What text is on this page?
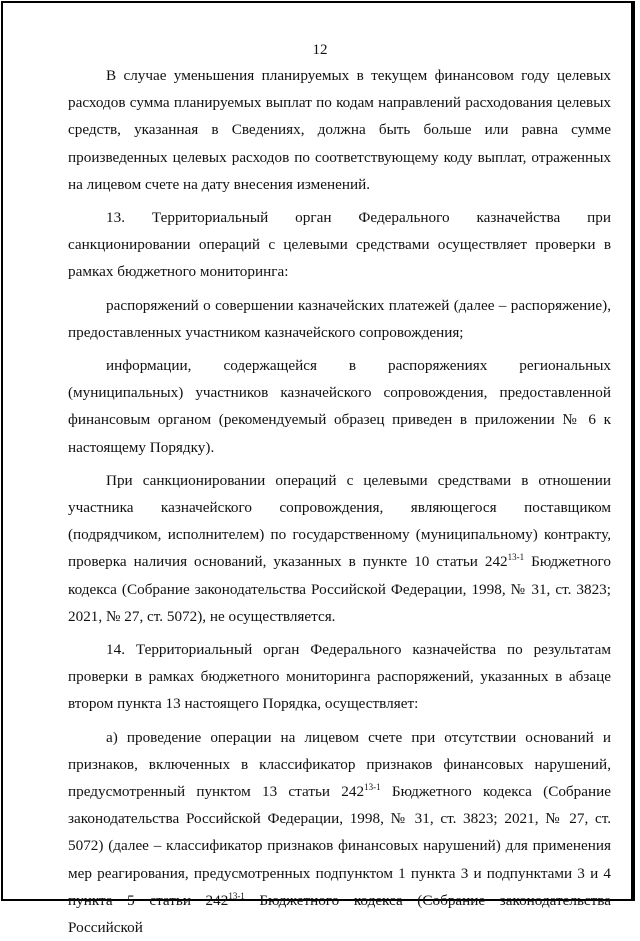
12

В случае уменьшения планируемых в текущем финансовом году целевых расходов сумма планируемых выплат по кодам направлений расходования целевых средств, указанная в Сведениях, должна быть больше или равна сумме произведенных целевых расходов по соответствующему коду выплат, отраженных на лицевом счете на дату внесения изменений.

13. Территориальный орган Федерального казначейства при санкционировании операций с целевыми средствами осуществляет проверки в рамках бюджетного мониторинга:

распоряжений о совершении казначейских платежей (далее – распоряжение), предоставленных участником казначейского сопровождения;

информации, содержащейся в распоряжениях региональных (муниципальных) участников казначейского сопровождения, предоставленной финансовым органом (рекомендуемый образец приведен в приложении № 6 к настоящему Порядку).

При санкционировании операций с целевыми средствами в отношении участника казначейского сопровождения, являющегося поставщиком (подрядчиком, исполнителем) по государственному (муниципальному) контракту, проверка наличия оснований, указанных в пункте 10 статьи 242$^{13-1}$ Бюджетного кодекса (Собрание законодательства Российской Федерации, 1998, № 31, ст. 3823; 2021, № 27, ст. 5072), не осуществляется.

14. Территориальный орган Федерального казначейства по результатам проверки в рамках бюджетного мониторинга распоряжений, указанных в абзаце втором пункта 13 настоящего Порядка, осуществляет:

а) проведение операции на лицевом счете при отсутствии оснований и признаков, включенных в классификатор признаков финансовых нарушений, предусмотренный пунктом 13 статьи 242$^{13-1}$ Бюджетного кодекса (Собрание законодательства Российской Федерации, 1998, № 31, ст. 3823; 2021, № 27, ст. 5072) (далее – классификатор признаков финансовых нарушений) для применения мер реагирования, предусмотренных подпунктом 1 пункта 3 и подпунктами 3 и 4 пункта 5 статьи 242$^{13-1}$ Бюджетного кодекса (Собрание законодательства Российской
